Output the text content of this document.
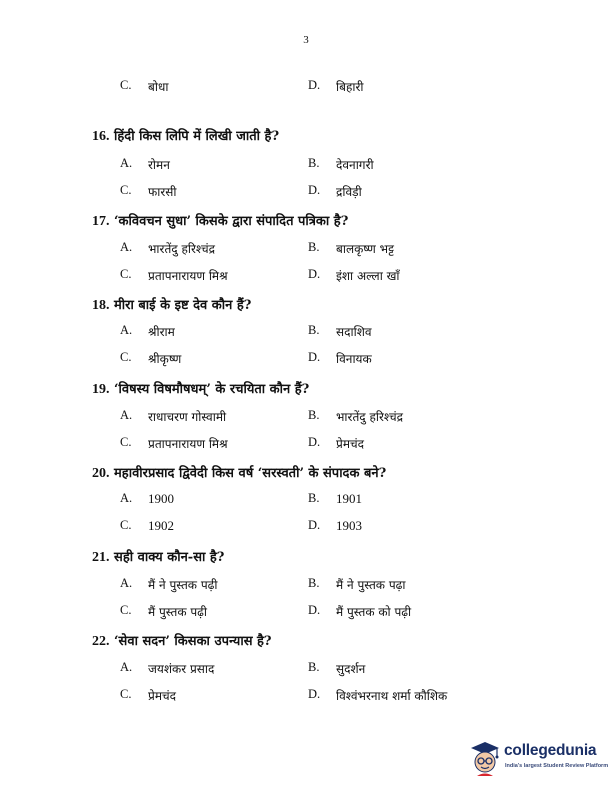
3
C. बोधा	D. बिहारी
16. हिंदी किस लिपि में लिखी जाती है?
A. रोमन	B. देवनागरी
C. फारसी	D. द्रविड़ी
17. ‘कविवचन सुधा’ किसके द्वारा संपादित पत्रिका है?
A. भारतेंदु हरिश्चंद्र	B. बालकृष्ण भट्ट
C. प्रतापनारायण मिश्र	D. इंशा अल्ला खाँ
18. मीरा बाई के इष्ट देव कौन हैं?
A. श्रीराम	B. सदाशिव
C. श्रीकृष्ण	D. विनायक
19. ‘विषस्य विषमौषधम्’ के रचयिता कौन हैं?
A. राधाचरण गोस्वामी	B. भारतेंदु हरिश्चंद्र
C. प्रतापनारायण मिश्र	D. प्रेमचंद
20. महावीरप्रसाद द्विवेदी किस वर्ष ‘सरस्वती’ के संपादक बने?
A. 1900	B. 1901
C. 1902	D. 1903
21. सही वाक्य कौन-सा है?
A. मैं ने पुस्तक पढ़ी	B. मैं ने पुस्तक पढ़ा
C. मैं पुस्तक पढ़ी	D. मैं पुस्तक को पढ़ी
22. ‘सेवा सदन’ किसका उपन्यास है?
A. जयशंकर प्रसाद	B. सुदर्शन
C. प्रेमचंद	D. विश्वंभरनाथ शर्मा कौशिक
collegedunia
India's largest Student Review Platform
